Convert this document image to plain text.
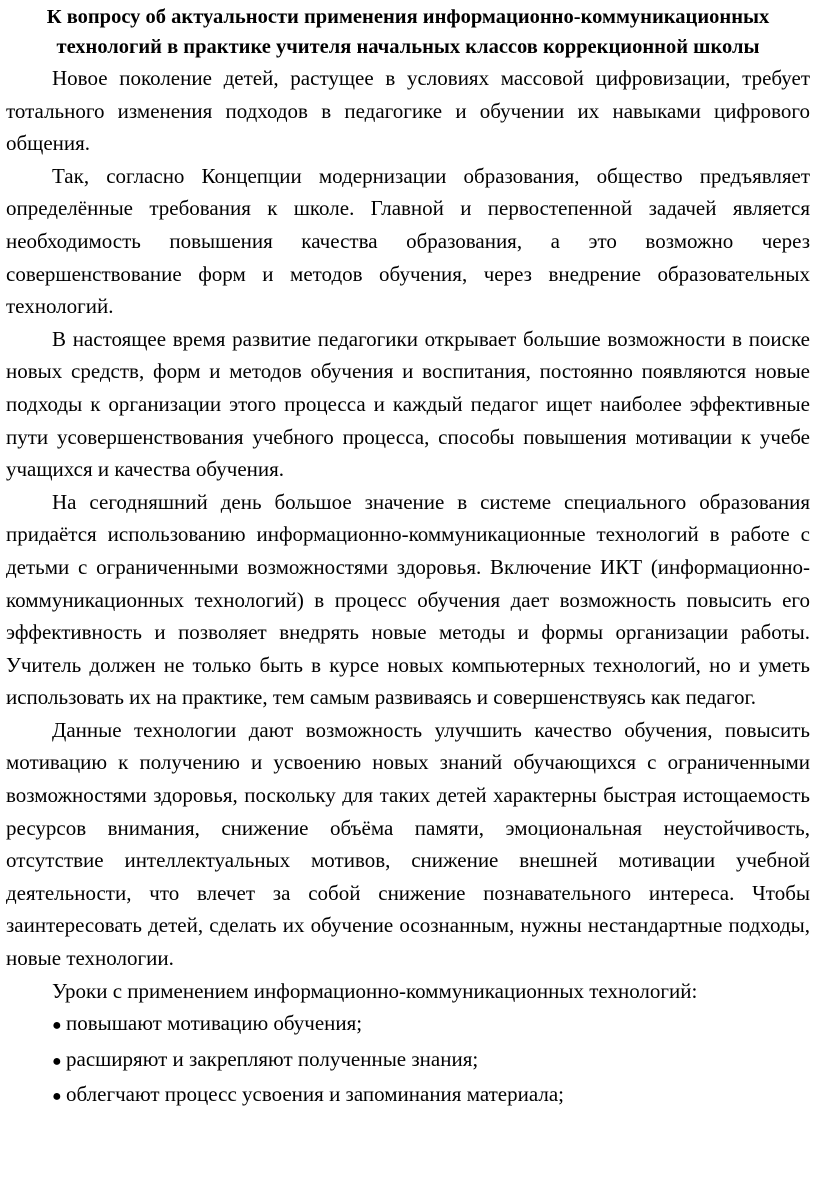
К вопросу об актуальности применения информационно-коммуникационных технологий в практике учителя начальных классов коррекционной школы

Новое поколение детей, растущее в условиях массовой цифровизации, требует тотального изменения подходов в педагогике и обучении их навыками цифрового общения.

Так, согласно Концепции модернизации образования, общество предъявляет определённые требования к школе. Главной и первостепенной задачей является необходимость повышения качества образования, а это возможно через совершенствование форм и методов обучения, через внедрение образовательных технологий.

В настоящее время развитие педагогики открывает большие возможности в поиске новых средств, форм и методов обучения и воспитания, постоянно появляются новые подходы к организации этого процесса и каждый педагог ищет наиболее эффективные пути усовершенствования учебного процесса, способы повышения мотивации к учебе учащихся и качества обучения.

На сегодняшний день большое значение в системе специального образования придаётся использованию информационно-коммуникационные технологий в работе с детьми с ограниченными возможностями здоровья. Включение ИКТ (информационно-коммуникационных технологий) в процесс обучения дает возможность повысить его эффективность и позволяет внедрять новые методы и формы организации работы. Учитель должен не только быть в курсе новых компьютерных технологий, но и уметь использовать их на практике, тем самым развиваясь и совершенствуясь как педагог.

Данные технологии дают возможность улучшить качество обучения, повысить мотивацию к получению и усвоению новых знаний обучающихся с ограниченными возможностями здоровья, поскольку для таких детей характерны быстрая истощаемость ресурсов внимания, снижение объёма памяти, эмоциональная неустойчивость, отсутствие интеллектуальных мотивов, снижение внешней мотивации учебной деятельности, что влечет за собой снижение познавательного интереса. Чтобы заинтересовать детей, сделать их обучение осознанным, нужны нестандартные подходы, новые технологии.

Уроки с применением информационно-коммуникационных технологий:

● повышают мотивацию обучения;
● расширяют и закрепляют полученные знания;
● облегчают процесс усвоения и запоминания материала;
